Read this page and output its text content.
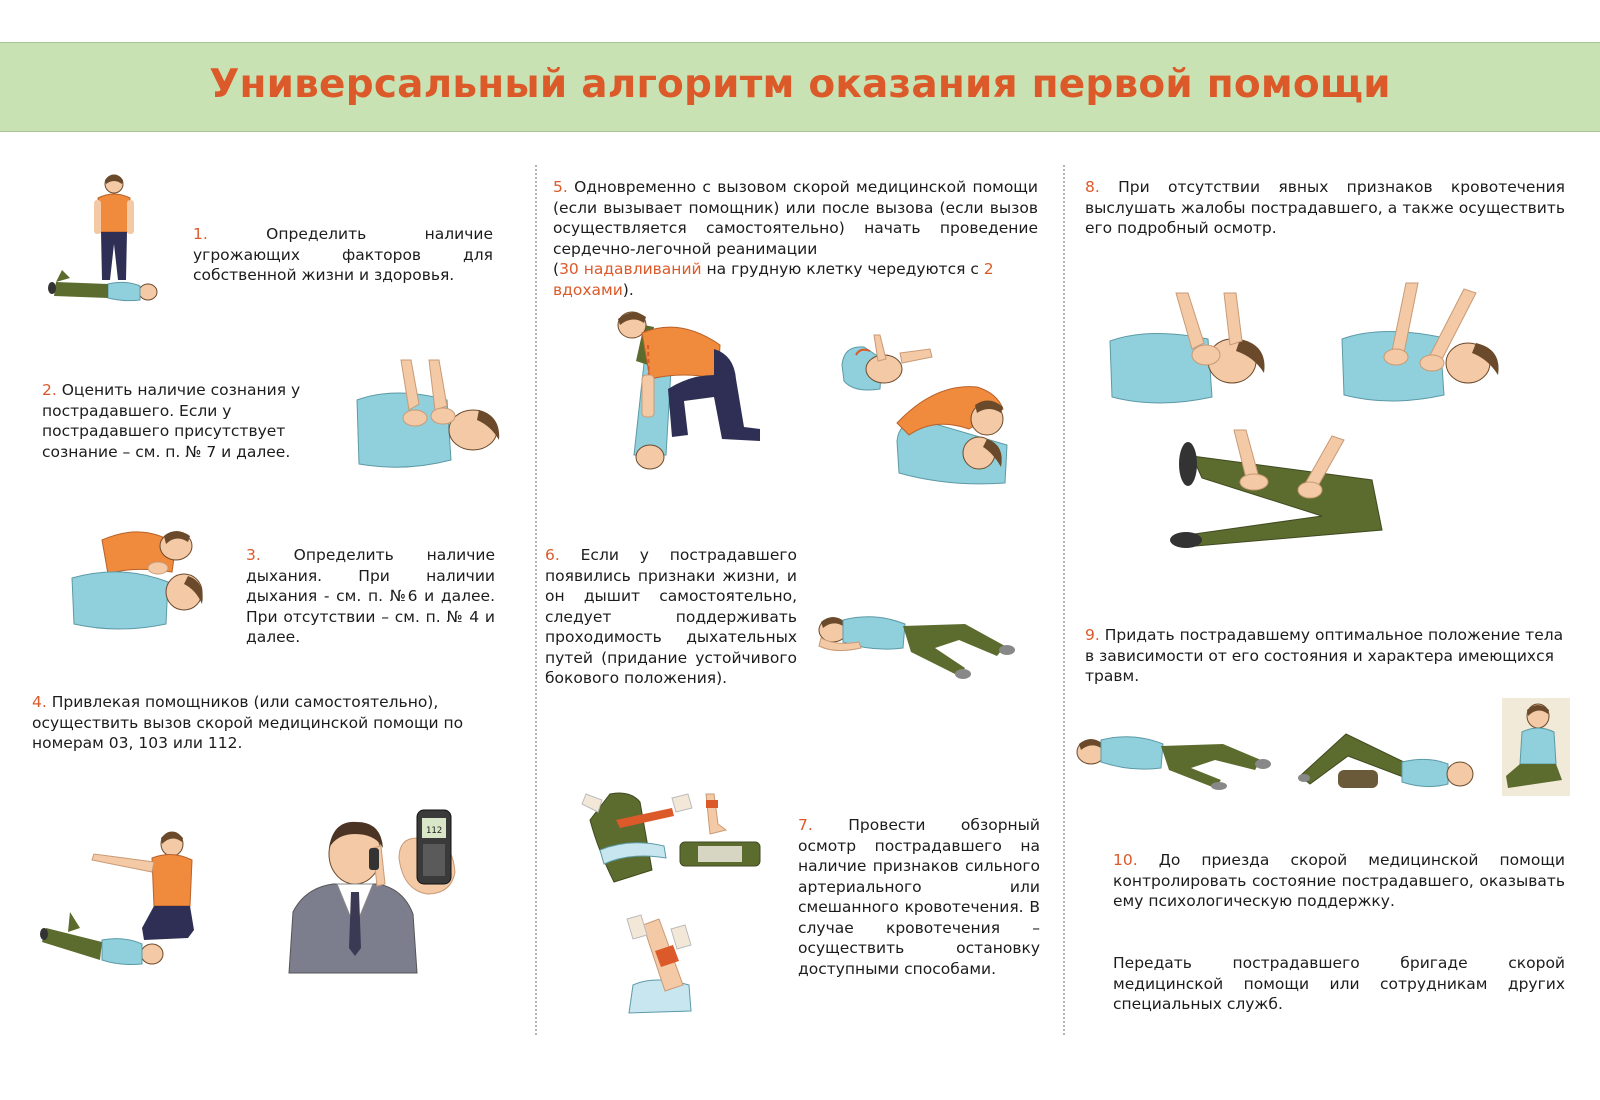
Универсальный алгоритм оказания первой помощи
1.	Определить наличие угрожающих факторов для собственной жизни и здоровья.
2. Оценить наличие сознания у пострадавшего. Если у пострадавшего присутствует сознание – см. п. № 7 и далее.
3. Определить наличие дыхания. При наличии дыхания - см. п. №6 и далее. При отсутствии – см. п. № 4 и далее.
4. Привлекая помощников (или самостоятельно), осуществить вызов скорой медицинской помощи по номерам 03, 103 или 112.
112
5. Одновременно с вызовом скорой медицинской помощи (если вызывает помощник) или после вызова (если вызов осуществляется самостоятельно) начать проведение сердечно-легочной реанимации
(30 надавливаний на грудную клетку чередуются с 2 вдохами).
6. Если у пострадавшего появились признаки жизни, и он дышит самостоятельно, следует поддерживать проходимость дыхательных путей (придание устойчивого бокового положения).
7. Провести обзорный осмотр пострадавшего на наличие признаков сильного артериального или смешанного кровотечения. В случае кровотечения – осуществить остановку доступными способами.
8. При отсутствии явных признаков кровотечения выслушать жалобы пострадавшего, а также осуществить его подробный осмотр.
9. Придать пострадавшему оптимальное положение тела в зависимости от его состояния и характера имеющихся травм.
10. До приезда скорой медицинской помощи контролировать состояние пострадавшего, оказывать ему психологическую поддержку.
Передать пострадавшего бригаде скорой медицинской помощи или сотрудникам других специальных служб.
